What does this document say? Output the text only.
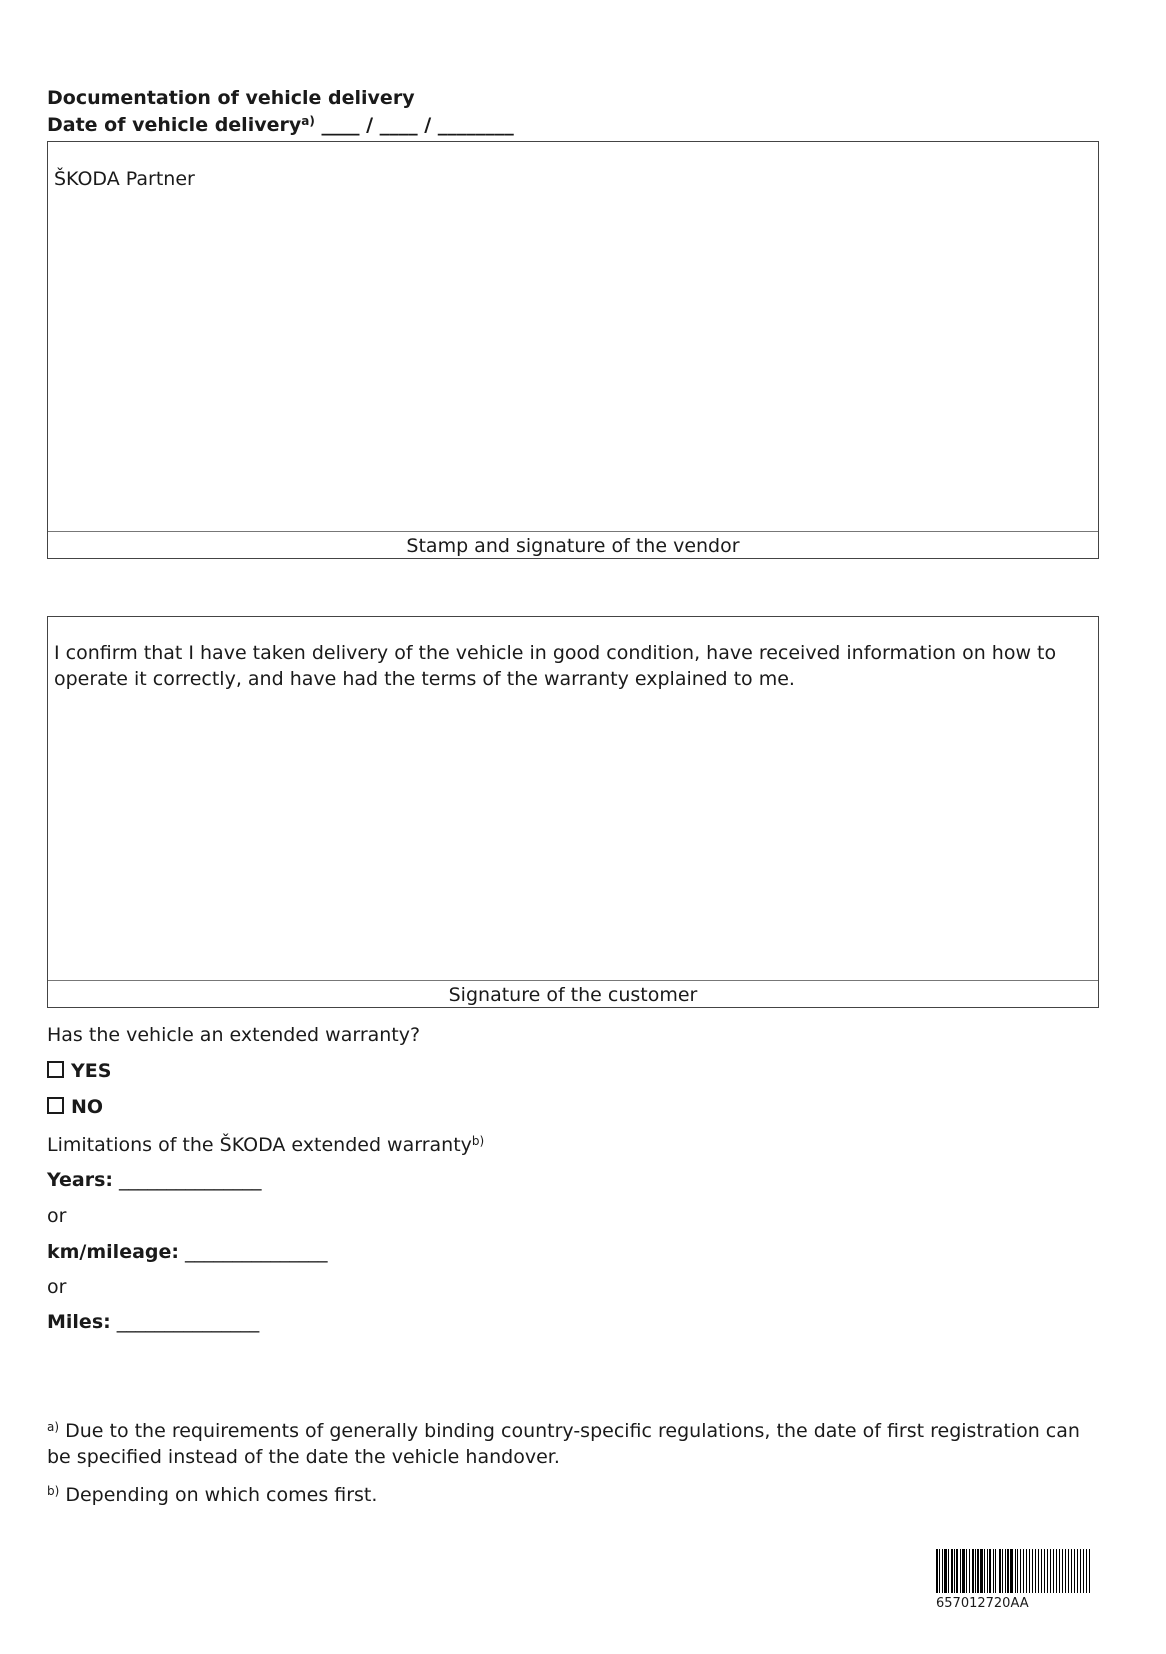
Documentation of vehicle delivery
Date of vehicle delivery$^{a)}$ ____ / ____ / ________
ŠKODA Partner
Stamp and signature of the vendor
I confirm that I have taken delivery of the vehicle in good condition, have received information on how to
operate it correctly, and have had the terms of the warranty explained to me.
Signature of the customer
Has the vehicle an extended warranty?
YES
NO
Limitations of the ŠKODA extended warranty$^{b)}$
Years: _______________
or
km/mileage: _______________
or
Miles: _______________
$^{a)}$ Due to the requirements of generally binding country-specific regulations, the date of first registration can
be specified instead of the date the vehicle handover.
$^{b)}$ Depending on which comes first.
657012720AA
